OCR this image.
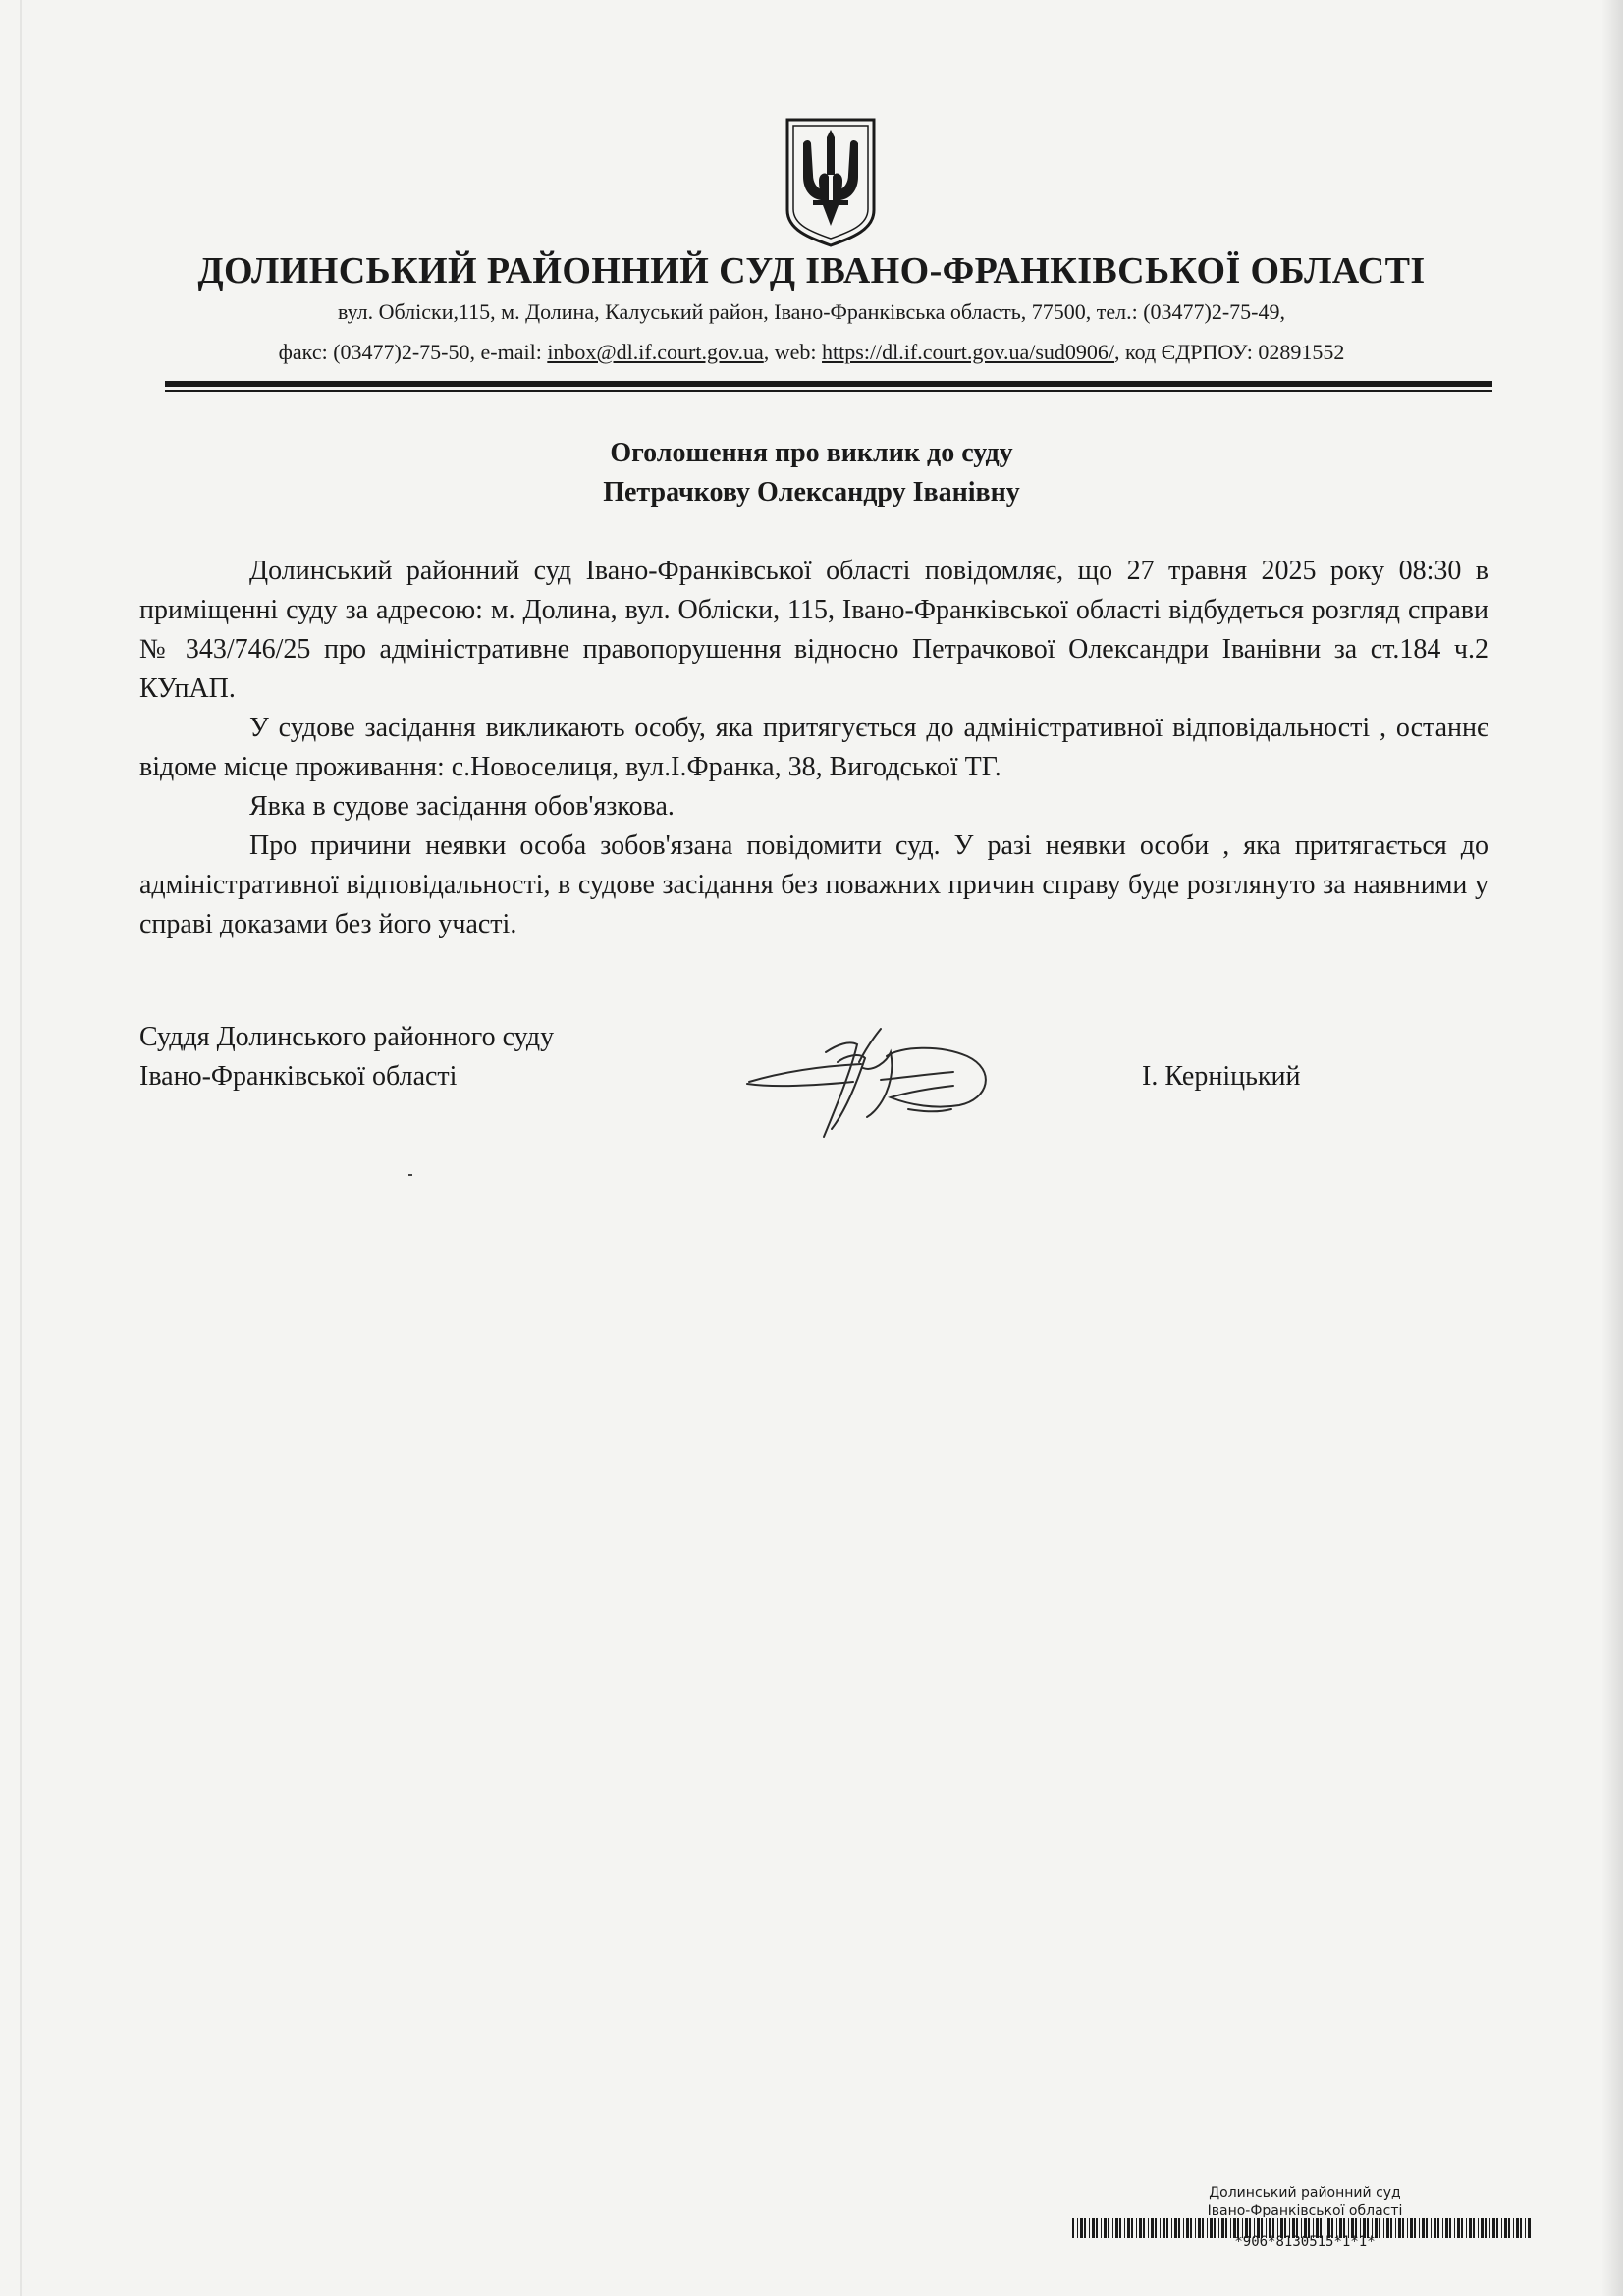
ДОЛИНСЬКИЙ РАЙОННИЙ СУД ІВАНО-ФРАНКІВСЬКОЇ ОБЛАСТІ
вул. Обліски,115, м. Долина, Калуський район, Івано-Франківська область, 77500, тел.: (03477)2-75-49,
факс: (03477)2-75-50, e-mail: inbox@dl.if.court.gov.ua, web: https://dl.if.court.gov.ua/sud0906/, код ЄДРПОУ: 02891552
Оголошення про виклик до суду
Петрачкову Олександру Іванівну

Долинський районний суд Івано-Франківської області повідомляє, що 27 травня 2025 року 08:30 в приміщенні суду за адресою: м. Долина, вул. Обліски, 115, Івано-Франківської області відбудеться розгляд справи № 343/746/25 про адміністративне правопорушення відносно Петрачкової Олександри Іванівни за ст.184 ч.2 КУпАП.

У судове засідання викликають особу, яка притягується до адміністративної відповідальності , останнє відоме місце проживання: с.Новоселиця, вул.І.Франка, 38, Вигодської ТГ.

Явка в судове засідання обов'язкова.

Про причини неявки особа зобов'язана повідомити суд. У разі неявки особи , яка притягається до адміністративної відповідальності, в судове засідання без поважних причин справу буде розглянуто за наявними у справі доказами без його участі.

Суддя Долинського районного суду
Івано-Франківської області	І. Керніцький
Долинський районний суд
Івано-Франківської області
*906*8130515*1*1*
